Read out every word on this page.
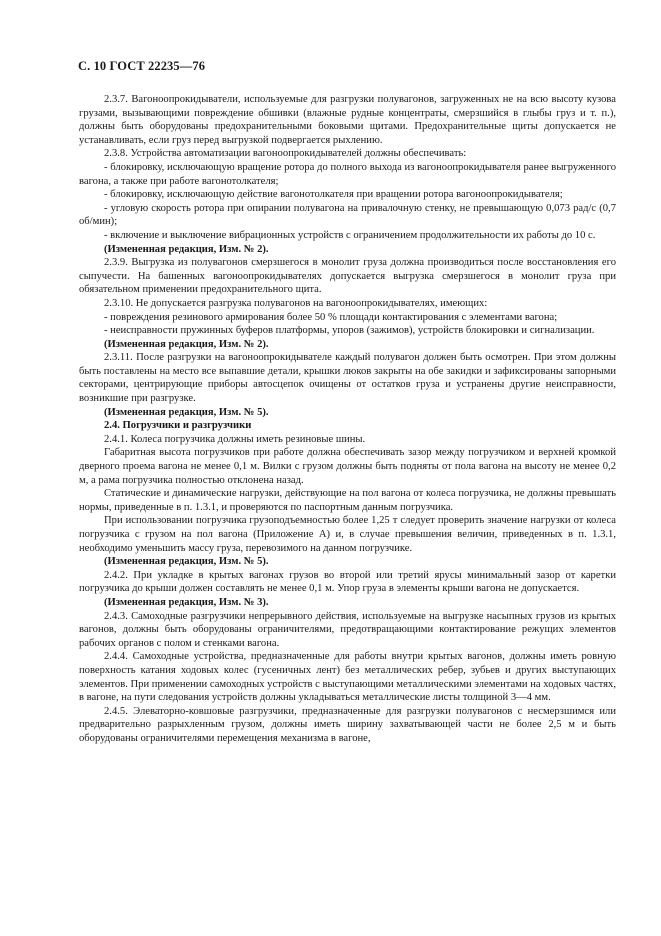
С. 10 ГОСТ 22235—76

2.3.7. Вагоноопрокидыватели, используемые для разгрузки полувагонов, загруженных не на всю высоту кузова грузами, вызывающими повреждение обшивки (влажные рудные концентраты, смерзшийся в глыбы груз и т. п.), должны быть оборудованы предохранительными боковыми щитами. Предохранительные щиты допускается не устанавливать, если груз перед выгрузкой подвергается рыхлению.

2.3.8. Устройства автоматизации вагоноопрокидывателей должны обеспечивать:

- блокировку, исключающую вращение ротора до полного выхода из вагоноопрокидывателя ранее выгруженного вагона, а также при работе вагонотолкателя;

- блокировку, исключающую действие вагонотолкателя при вращении ротора вагоноопрокидывателя;

- угловую скорость ротора при опирании полувагона на привалочную стенку, не превышающую 0,073 рад/с (0,7 об/мин);

- включение и выключение вибрационных устройств с ограничением продолжительности их работы до 10 с.

(Измененная редакция, Изм. № 2).

2.3.9. Выгрузка из полувагонов смерзшегося в монолит груза должна производиться после восстановления его сыпучести. На башенных вагоноопрокидывателях допускается выгрузка смерзшегося в монолит груза при обязательном применении предохранительного щита.

2.3.10. Не допускается разгрузка полувагонов на вагоноопрокидывателях, имеющих:

- повреждения резинового армирования более 50 % площади контактирования с элементами вагона;

- неисправности пружинных буферов платформы, упоров (зажимов), устройств блокировки и сигнализации.

(Измененная редакция, Изм. № 2).

2.3.11. После разгрузки на вагоноопрокидывателе каждый полувагон должен быть осмотрен. При этом должны быть поставлены на место все выпавшие детали, крышки люков закрыты на обе закидки и зафиксированы запорными секторами, центрирующие приборы автосцепок очищены от остатков груза и устранены другие неисправности, возникшие при разгрузке.

(Измененная редакция, Изм. № 5).

2.4. Погрузчики и разгрузчики

2.4.1. Колеса погрузчика должны иметь резиновые шины.

Габаритная высота погрузчиков при работе должна обеспечивать зазор между погрузчиком и верхней кромкой дверного проема вагона не менее 0,1 м. Вилки с грузом должны быть подняты от пола вагона на высоту не менее 0,2 м, а рама погрузчика полностью отклонена назад.

Статические и динамические нагрузки, действующие на пол вагона от колеса погрузчика, не должны превышать нормы, приведенные в п. 1.3.1, и проверяются по паспортным данным погрузчика.

При использовании погрузчика грузоподъемностью более 1,25 т следует проверить значение нагрузки от колеса погрузчика с грузом на пол вагона (Приложение А) и, в случае превышения величин, приведенных в п. 1.3.1, необходимо уменьшить массу груза, перевозимого на данном погрузчике.

(Измененная редакция, Изм. № 5).

2.4.2. При укладке в крытых вагонах грузов во второй или третий ярусы минимальный зазор от каретки погрузчика до крыши должен составлять не менее 0,1 м. Упор груза в элементы крыши вагона не допускается.

(Измененная редакция, Изм. № 3).

2.4.3. Самоходные разгрузчики непрерывного действия, используемые на выгрузке насыпных грузов из крытых вагонов, должны быть оборудованы ограничителями, предотвращающими контактирование режущих элементов рабочих органов с полом и стенками вагона.

2.4.4. Самоходные устройства, предназначенные для работы внутри крытых вагонов, должны иметь ровную поверхность катания ходовых колес (гусеничных лент) без металлических ребер, зубьев и других выступающих элементов. При применении самоходных устройств с выступающими металлическими элементами на ходовых частях, в вагоне, на пути следования устройств должны укладываться металлические листы толщиной 3—4 мм.

2.4.5. Элеваторно-ковшовые разгрузчики, предназначенные для разгрузки полувагонов с несмерзшимся или предварительно разрыхленным грузом, должны иметь ширину захватывающей части не более 2,5 м и быть оборудованы ограничителями перемещения механизма в вагоне,
